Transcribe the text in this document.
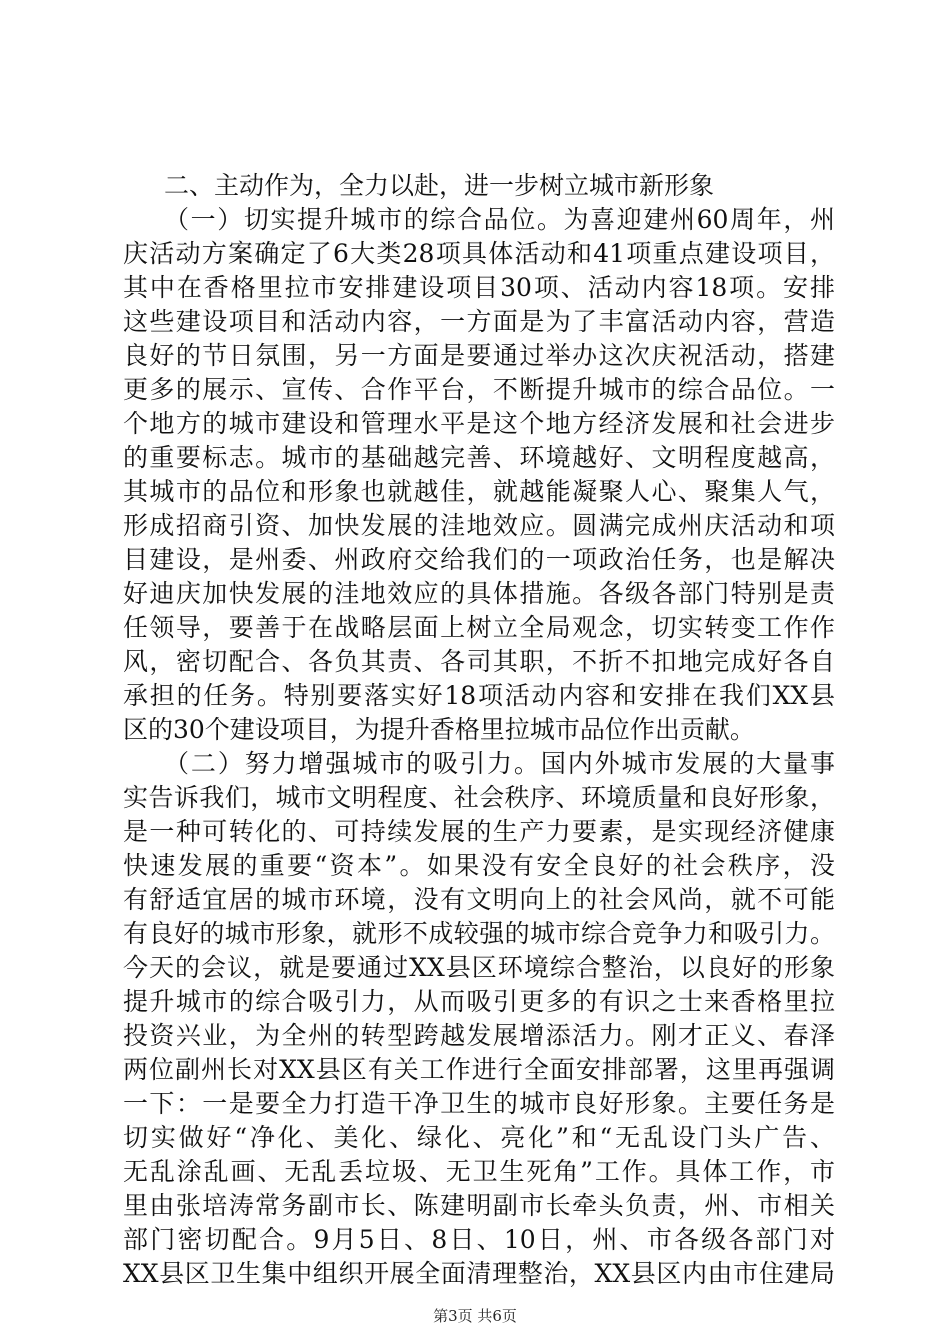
二、主动作为，全力以赴，进一步树立城市新形象
（一）切实提升城市的综合品位。为喜迎建州60周年，州
庆活动方案确定了6大类28项具体活动和41项重点建设项目，
其中在香格里拉市安排建设项目30项、活动内容18项。安排
这些建设项目和活动内容，一方面是为了丰富活动内容，营造
良好的节日氛围，另一方面是要通过举办这次庆祝活动，搭建
更多的展示、宣传、合作平台，不断提升城市的综合品位。一
个地方的城市建设和管理水平是这个地方经济发展和社会进步
的重要标志。城市的基础越完善、环境越好、文明程度越高，
其城市的品位和形象也就越佳，就越能凝聚人心、聚集人气，
形成招商引资、加快发展的洼地效应。圆满完成州庆活动和项
目建设，是州委、州政府交给我们的一项政治任务，也是解决
好迪庆加快发展的洼地效应的具体措施。各级各部门特别是责
任领导，要善于在战略层面上树立全局观念，切实转变工作作
风，密切配合、各负其责、各司其职，不折不扣地完成好各自
承担的任务。特别要落实好18项活动内容和安排在我们XX县
区的30个建设项目，为提升香格里拉城市品位作出贡献。
（二）努力增强城市的吸引力。国内外城市发展的大量事
实告诉我们，城市文明程度、社会秩序、环境质量和良好形象，
是一种可转化的、可持续发展的生产力要素，是实现经济健康
快速发展的重要“资本”。如果没有安全良好的社会秩序，没
有舒适宜居的城市环境，没有文明向上的社会风尚，就不可能
有良好的城市形象，就形不成较强的城市综合竞争力和吸引力。
今天的会议，就是要通过XX县区环境综合整治，以良好的形象
提升城市的综合吸引力，从而吸引更多的有识之士来香格里拉
投资兴业，为全州的转型跨越发展增添活力。刚才正义、春泽
两位副州长对XX县区有关工作进行全面安排部署，这里再强调
一下：一是要全力打造干净卫生的城市良好形象。主要任务是
切实做好“净化、美化、绿化、亮化”和“无乱设门头广告、
无乱涂乱画、无乱丢垃圾、无卫生死角”工作。具体工作，市
里由张培涛常务副市长、陈建明副市长牵头负责，州、市相关
部门密切配合。9月5日、8日、10日，州、市各级各部门对
XX县区卫生集中组织开展全面清理整治，XX县区内由市住建局
第3页 共6页
